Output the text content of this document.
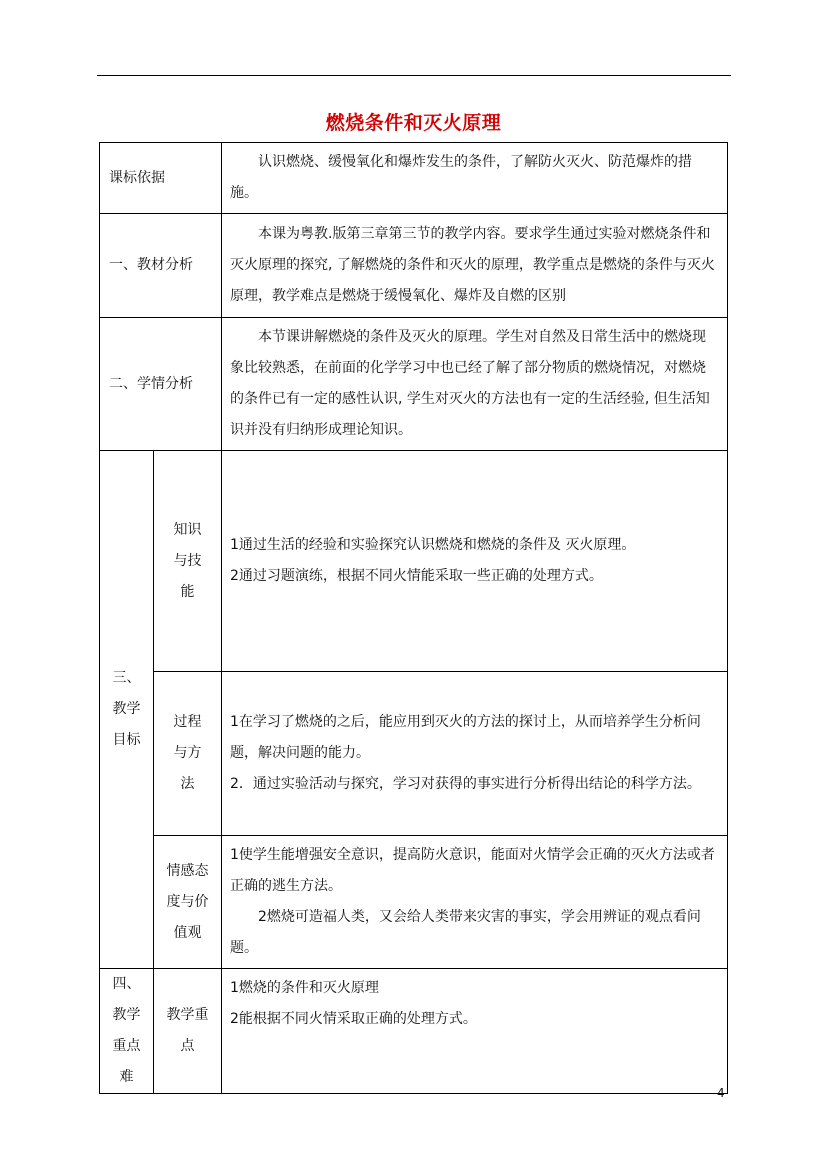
燃烧条件和灭火原理
课标依据		认识燃烧、缓慢氧化和爆炸发生的条件，了解防火灭火、防范爆炸的措施。

一、教材分析		本课为粤教.版第三章第三节的教学内容。要求学生通过实验对燃烧条件和灭火原理的探究, 了解燃烧的条件和灭火的原理，教学重点是燃烧的条件与灭火原理，教学难点是燃烧于缓慢氧化、爆炸及自燃的区别

二、学情分析		本节课讲解燃烧的条件及灭火的原理。学生对自然及日常生活中的燃烧现象比较熟悉，在前面的化学学习中也已经了解了部分物质的燃烧情况，对燃烧的条件已有一定的感性认识, 学生对灭火的方法也有一定的生活经验, 但生活知识并没有归纳形成理论知识。

三、教学目标	知识与技能	1通过生活的经验和实验探究认识燃烧和燃烧的条件及 灭火原理。

2通过习题演练，根据不同火情能采取一些正确的处理方式。

	过程与方法	1在学习了燃烧的之后，能应用到灭火的方法的探讨上，从而培养学生分析问题，解决问题的能力。

2．通过实验活动与探究，学习对获得的事实进行分析得出结论的科学方法。

	情感态度与价值观	1使学生能增强安全意识，提高防火意识，能面对火情学会正确的灭火方法或者正确的逃生方法。

2燃烧可造福人类，又会给人类带来灾害的事实，学会用辨证的观点看问题。

四、教学重点难	教学重点	1燃烧的条件和灭火原理

2能根据不同火情采取正确的处理方式。

4
